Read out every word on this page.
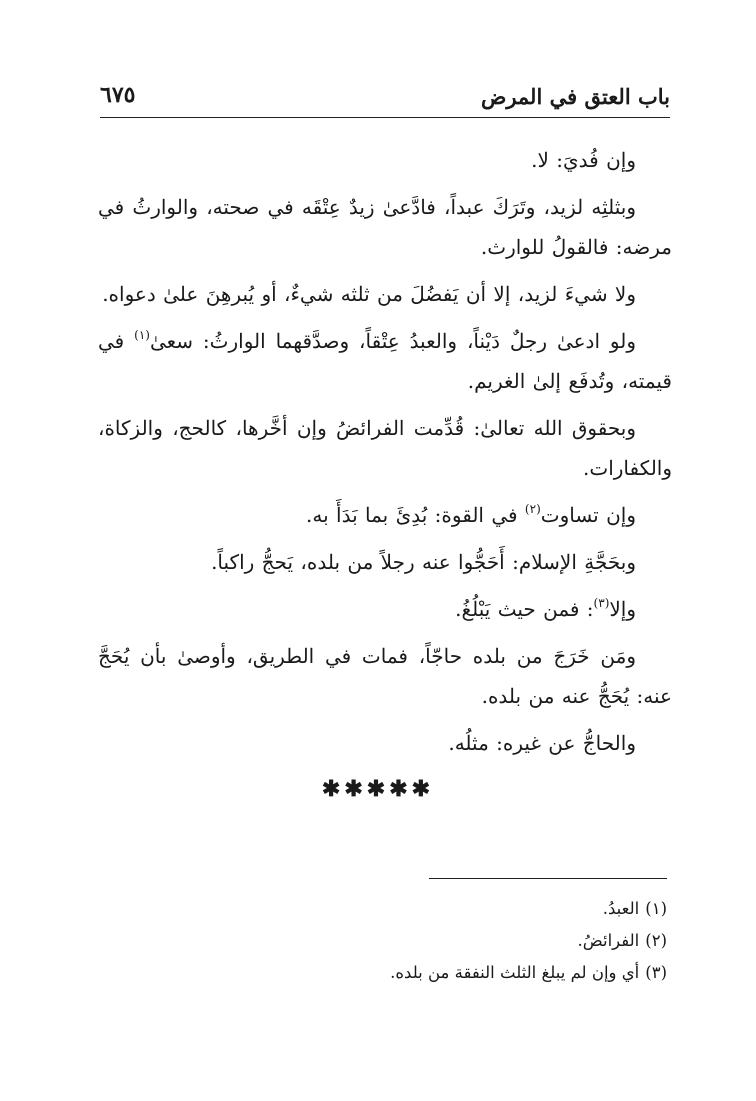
باب العتق في المرض
٦٧٥

وإن فُديَ: لا.

وبثلثِه لزيد، وتَرَكَ عبداً، فادَّعىٰ زيدٌ عِتْقَه في صحته، والوارثُ في مرضه: فالقولُ للوارث.

ولا شيءَ لزيد، إلا أن يَفضُلَ من ثلثه شيءٌ، أو يُبرهِنَ علىٰ دعواه.

ولو ادعىٰ رجلٌ دَيْناً، والعبدُ عِتْقاً، وصدَّقهما الوارثُ: سعىٰ$^{(١)}$ في قيمته، وتُدفَع إلىٰ الغريم.

وبحقوق الله تعالىٰ: قُدِّمت الفرائضُ وإن أخَّرها، كالحج، والزكاة، والكفارات.

وإن تساوت$^{(٢)}$ في القوة: بُدِئَ بما بَدَأَ به.

وبحَجَّةِ الإسلام: أَحَجُّوا عنه رجلاً من بلده، يَحجُّ راكباً.

وإلا$^{(٣)}$: فمن حيث يَبْلُغُ.

ومَن خَرَجَ من بلده حاجّاً، فمات في الطريق، وأوصىٰ بأن يُحَجَّ عنه: يُحَجُّ عنه من بلده.

والحاجُّ عن غيره: مثلُه.

✱✱✱✱✱
(١)العبدُ.
(٢)الفرائضُ.
(٣)أي وإن لم يبلغ الثلث النفقة من بلده.
